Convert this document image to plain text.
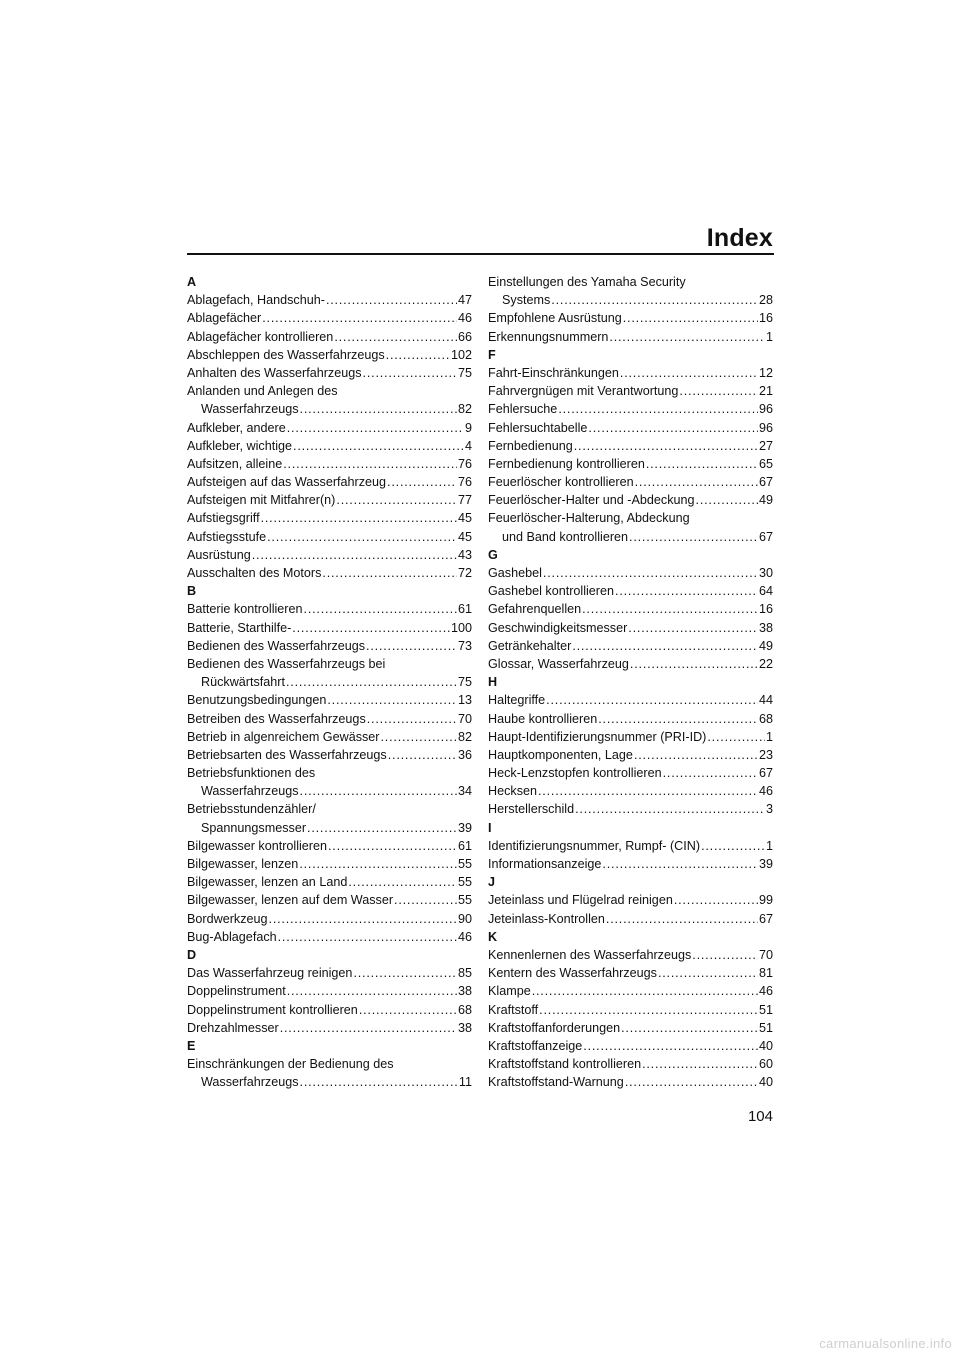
Index
A
Ablagefach, Handschuh- . . .	47
Ablagefächer . . .	46
Ablagefächer kontrollieren . . .	66
Abschleppen des Wasserfahrzeugs . . .	102
Anhalten des Wasserfahrzeugs . . .	75
Anlanden und Anlegen des
Wasserfahrzeugs . . .	82
Aufkleber, andere . . .	9
Aufkleber, wichtige . . .	4
Aufsitzen, alleine . . .	76
Aufsteigen auf das Wasserfahrzeug . . .	76
Aufsteigen mit Mitfahrer(n) . . .	77
Aufstiegsgriff . . .	45
Aufstiegsstufe . . .	45
Ausrüstung . . .	43
Ausschalten des Motors . . .	72
B
Batterie kontrollieren . . .	61
Batterie, Starthilfe- . . .	100
Bedienen des Wasserfahrzeugs . . .	73
Bedienen des Wasserfahrzeugs bei
Rückwärtsfahrt . . .	75
Benutzungsbedingungen . . .	13
Betreiben des Wasserfahrzeugs . . .	70
Betrieb in algenreichem Gewässer . . .	82
Betriebsarten des Wasserfahrzeugs . . .	36
Betriebsfunktionen des
Wasserfahrzeugs . . .	34
Betriebsstundenzähler/
Spannungsmesser . . .	39
Bilgewasser kontrollieren . . .	61
Bilgewasser, lenzen . . .	55
Bilgewasser, lenzen an Land . . .	55
Bilgewasser, lenzen auf dem Wasser . . .	55
Bordwerkzeug . . .	90
Bug-Ablagefach . . .	46
D
Das Wasserfahrzeug reinigen . . .	85
Doppelinstrument . . .	38
Doppelinstrument kontrollieren . . .	68
Drehzahlmesser . . .	38
E
Einschränkungen der Bedienung des
Wasserfahrzeugs . . .	11
Einstellungen des Yamaha Security
Systems . . .	28
Empfohlene Ausrüstung . . .	16
Erkennungsnummern . . .	1
F
Fahrt-Einschränkungen . . .	12
Fahrvergnügen mit Verantwortung . . .	21
Fehlersuche . . .	96
Fehlersuchtabelle . . .	96
Fernbedienung . . .	27
Fernbedienung kontrollieren . . .	65
Feuerlöscher kontrollieren . . .	67
Feuerlöscher-Halter und -Abdeckung . . .	49
Feuerlöscher-Halterung, Abdeckung
und Band kontrollieren . . .	67
G
Gashebel . . .	30
Gashebel kontrollieren . . .	64
Gefahrenquellen . . .	16
Geschwindigkeitsmesser . . .	38
Getränkehalter . . .	49
Glossar, Wasserfahrzeug . . .	22
H
Haltegriffe . . .	44
Haube kontrollieren . . .	68
Haupt-Identifizierungsnummer (PRI-ID) . . .	1
Hauptkomponenten, Lage . . .	23
Heck-Lenzstopfen kontrollieren . . .	67
Hecksen . . .	46
Herstellerschild . . .	3
I
Identifizierungsnummer, Rumpf- (CIN) . . .	1
Informationsanzeige . . .	39
J
Jeteinlass und Flügelrad reinigen . . .	99
Jeteinlass-Kontrollen . . .	67
K
Kennenlernen des Wasserfahrzeugs . . .	70
Kentern des Wasserfahrzeugs . . .	81
Klampe . . .	46
Kraftstoff . . .	51
Kraftstoffanforderungen . . .	51
Kraftstoffanzeige . . .	40
Kraftstoffstand kontrollieren . . .	60
Kraftstoffstand-Warnung . . .	40

104

carmanualsonline.info
